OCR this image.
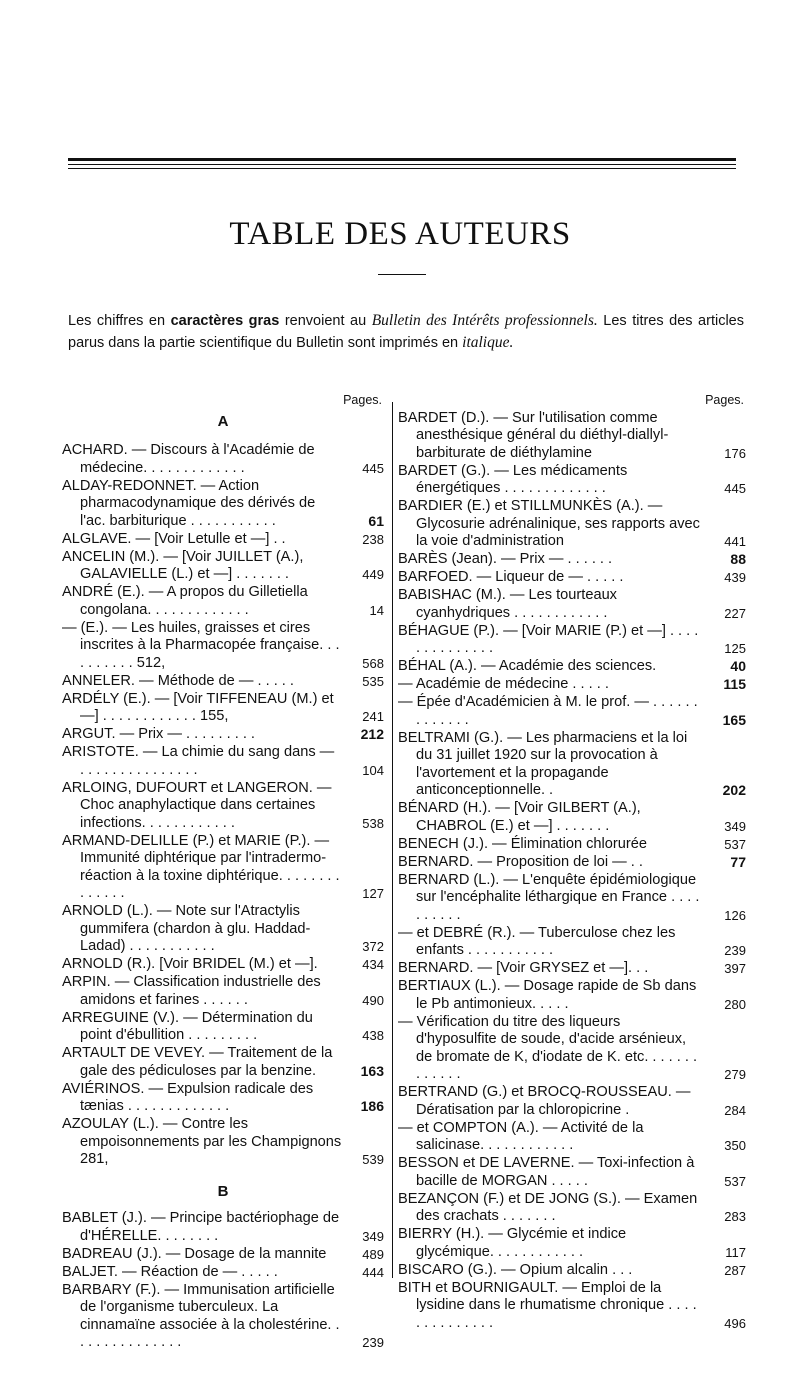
TABLE DES AUTEURS
Les chiffres en caractères gras renvoient au Bulletin des Intérêts professionnels. Les titres des articles parus dans la partie scientifique du Bulletin sont imprimés en italique.
Pages.
A
ACHARD. — Discours à l'Académie de médecine. . . . . . . . . . . . .	445
ALDAY-REDONNET. — Action pharmacodynamique des dérivés de l'ac. barbiturique . . . . . . . . . . .	61
ALGLAVE. — [Voir Letulle et —] . .	238
ANCELIN (M.). — [Voir JUILLET (A.), GALAVIELLE (L.) et —] . . . . . . .	449
ANDRÉ (E.). — A propos du Gilletiella congolana. . . . . . . . . . . . .	14
— (E.). — Les huiles, graisses et cires inscrites à la Pharmacopée française. . . . . . . . . . 512,	568
ANNELER. — Méthode de — . . . . .	535
ARDÉLY (E.). — [Voir TIFFENEAU (M.) et —] . . . . . . . . . . . . 155,	241
ARGUT. — Prix — . . . . . . . . .	212
ARISTOTE. — La chimie du sang dans — . . . . . . . . . . . . . . .	104
ARLOING, DUFOURT et LANGERON. — Choc anaphylactique dans certaines infections. . . . . . . . . . . .	538
ARMAND-DELILLE (P.) et MARIE (P.). — Immunité diphtérique par l'intradermo-réaction à la toxine diphtérique. . . . . . . . . . . . . .	127
ARNOLD (L.). — Note sur l'Atractylis gummifera (chardon à glu. Haddad-Ladad) . . . . . . . . . . .	372
ARNOLD (R.). [Voir BRIDEL (M.) et —].	434
ARPIN. — Classification industrielle des amidons et farines . . . . . .	490
ARREGUINE (V.). — Détermination du point d'ébullition . . . . . . . . .	438
ARTAULT DE VEVEY. — Traitement de la gale des pédiculoses par la benzine.	163
AVIÉRINOS. — Expulsion radicale des tænias . . . . . . . . . . . . .	186
AZOULAY (L.). — Contre les empoisonnements par les Champignons 281,	539
B
BABLET (J.). — Principe bactériophage de d'HÉRELLE. . . . . . . .	349
BADREAU (J.). — Dosage de la mannite	489
BALJET. — Réaction de — . . . . .	444
BARBARY (F.). — Immunisation artificielle de l'organisme tuberculeux. La cinnamaïne associée à la cholestérine. . . . . . . . . . . . . . .	239
Pages.
BARDET (D.). — Sur l'utilisation comme anesthésique général du diéthyl-diallyl-barbiturate de diéthylamine	176
BARDET (G.). — Les médicaments énergétiques . . . . . . . . . . . . .	445
BARDIER (E.) et STILLMUNKÈS (A.). — Glycosurie adrénalinique, ses rapports avec la voie d'administration	441
BARÈS (Jean). — Prix — . . . . . .	88
BARFOED. — Liqueur de — . . . . .	439
BABISHAC (M.). — Les tourteaux cyanhydriques . . . . . . . . . . . .	227
BÉHAGUE (P.). — [Voir MARIE (P.) et —] . . . . . . . . . . . . . .	125
BÉHAL (A.). — Académie des sciences.	40
— Académie de médecine . . . . .	115
— Épée d'Académicien à M. le prof. — . . . . . . . . . . . . .	165
BELTRAMI (G.). — Les pharmaciens et la loi du 31 juillet 1920 sur la provocation à l'avortement et la propagande anticonceptionnelle. .	202
BÉNARD (H.). — [Voir GILBERT (A.), CHABROL (E.) et —] . . . . . . .	349
BENECH (J.). — Élimination chlorurée	537
BERNARD. — Proposition de loi — . .	77
BERNARD (L.). — L'enquête épidémiologique sur l'encéphalite léthargique en France . . . . . . . . . .	126
— et DEBRÉ (R.). — Tuberculose chez les enfants . . . . . . . . . . .	239
BERNARD. — [Voir GRYSEZ et —]. . .	397
BERTIAUX (L.). — Dosage rapide de Sb dans le Pb antimonieux. . . . .	280
— Vérification du titre des liqueurs d'hyposulfite de soude, d'acide arsénieux, de bromate de K, d'iodate de K. etc. . . . . . . . . . . . .	279
BERTRAND (G.) et BROCQ-ROUSSEAU. — Dératisation par la chloropicrine .	284
— et COMPTON (A.). — Activité de la salicinase. . . . . . . . . . . .	350
BESSON et DE LAVERNE. — Toxi-infection à bacille de MORGAN . . . . .	537
BEZANÇON (F.) et DE JONG (S.). — Examen des crachats . . . . . . .	283
BIERRY (H.). — Glycémie et indice glycémique. . . . . . . . . . . .	117
BISCARO (G.). — Opium alcalin . . .	287
BITH et BOURNIGAULT. — Emploi de la lysidine dans le rhumatisme chronique . . . . . . . . . . . . . .	496
